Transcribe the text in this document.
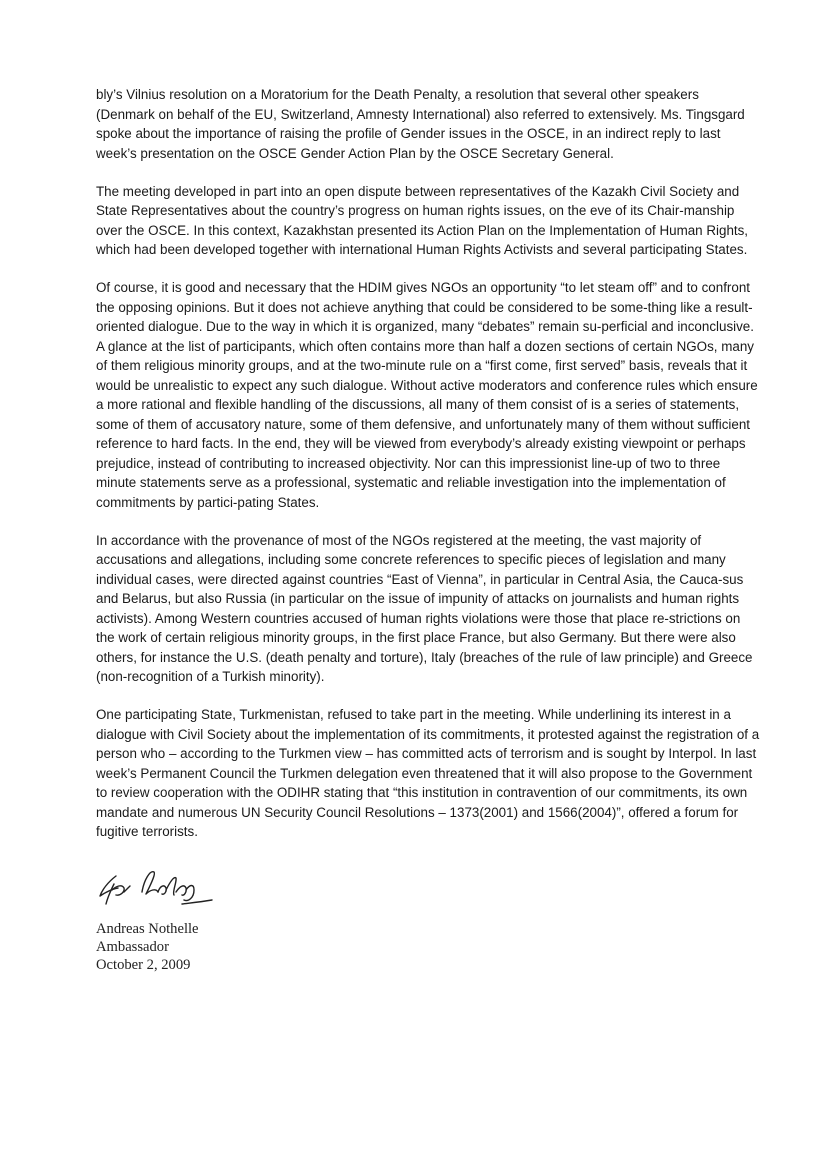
bly’s Vilnius resolution on a Moratorium for the Death Penalty, a resolution that several other speakers (Denmark on behalf of the EU, Switzerland, Amnesty International) also referred to extensively. Ms. Tingsgard spoke about the importance of raising the profile of Gender issues in the OSCE, in an indirect reply to last week’s presentation on the OSCE Gender Action Plan by the OSCE Secretary General.

The meeting developed in part into an open dispute between representatives of the Kazakh Civil Society and State Representatives about the country’s progress on human rights issues, on the eve of its Chair-manship over the OSCE. In this context, Kazakhstan presented its Action Plan on the Implementation of Human Rights, which had been developed together with international Human Rights Activists and several participating States.

Of course, it is good and necessary that the HDIM gives NGOs an opportunity “to let steam off” and to confront the opposing opinions. But it does not achieve anything that could be considered to be some-thing like a result-oriented dialogue. Due to the way in which it is organized, many “debates” remain su-perficial and inconclusive. A glance at the list of participants, which often contains more than half a dozen sections of certain NGOs, many of them religious minority groups, and at the two-minute rule on a “first come, first served” basis, reveals that it would be unrealistic to expect any such dialogue. Without active moderators and conference rules which ensure a more rational and flexible handling of the discussions, all many of them consist of is a series of statements, some of them of accusatory nature, some of them defensive, and unfortunately many of them without sufficient reference to hard facts. In the end, they will be viewed from everybody’s already existing viewpoint or perhaps prejudice, instead of contributing to increased objectivity. Nor can this impressionist line-up of two to three minute statements serve as a professional, systematic and reliable investigation into the implementation of commitments by partici-pating States.

In accordance with the provenance of most of the NGOs registered at the meeting, the vast majority of accusations and allegations, including some concrete references to specific pieces of legislation and many individual cases, were directed against countries “East of Vienna”, in particular in Central Asia, the Cauca-sus and Belarus, but also Russia (in particular on the issue of impunity of attacks on journalists and human rights activists). Among Western countries accused of human rights violations were those that place re-strictions on the work of certain religious minority groups, in the first place France, but also Germany. But there were also others, for instance the U.S. (death penalty and torture), Italy (breaches of the rule of law principle) and Greece (non-recognition of a Turkish minority).

One participating State, Turkmenistan, refused to take part in the meeting. While underlining its interest in a dialogue with Civil Society about the implementation of its commitments, it protested against the registration of a person who – according to the Turkmen view – has committed acts of terrorism and is sought by Interpol. In last week’s Permanent Council the Turkmen delegation even threatened that it will also propose to the Government to review cooperation with the ODIHR stating that “this institution in contravention of our commitments, its own mandate and numerous UN Security Council Resolutions – 1373(2001) and 1566(2004)”, offered a forum for fugitive terrorists.

Andreas Nothelle
Ambassador
October 2, 2009
